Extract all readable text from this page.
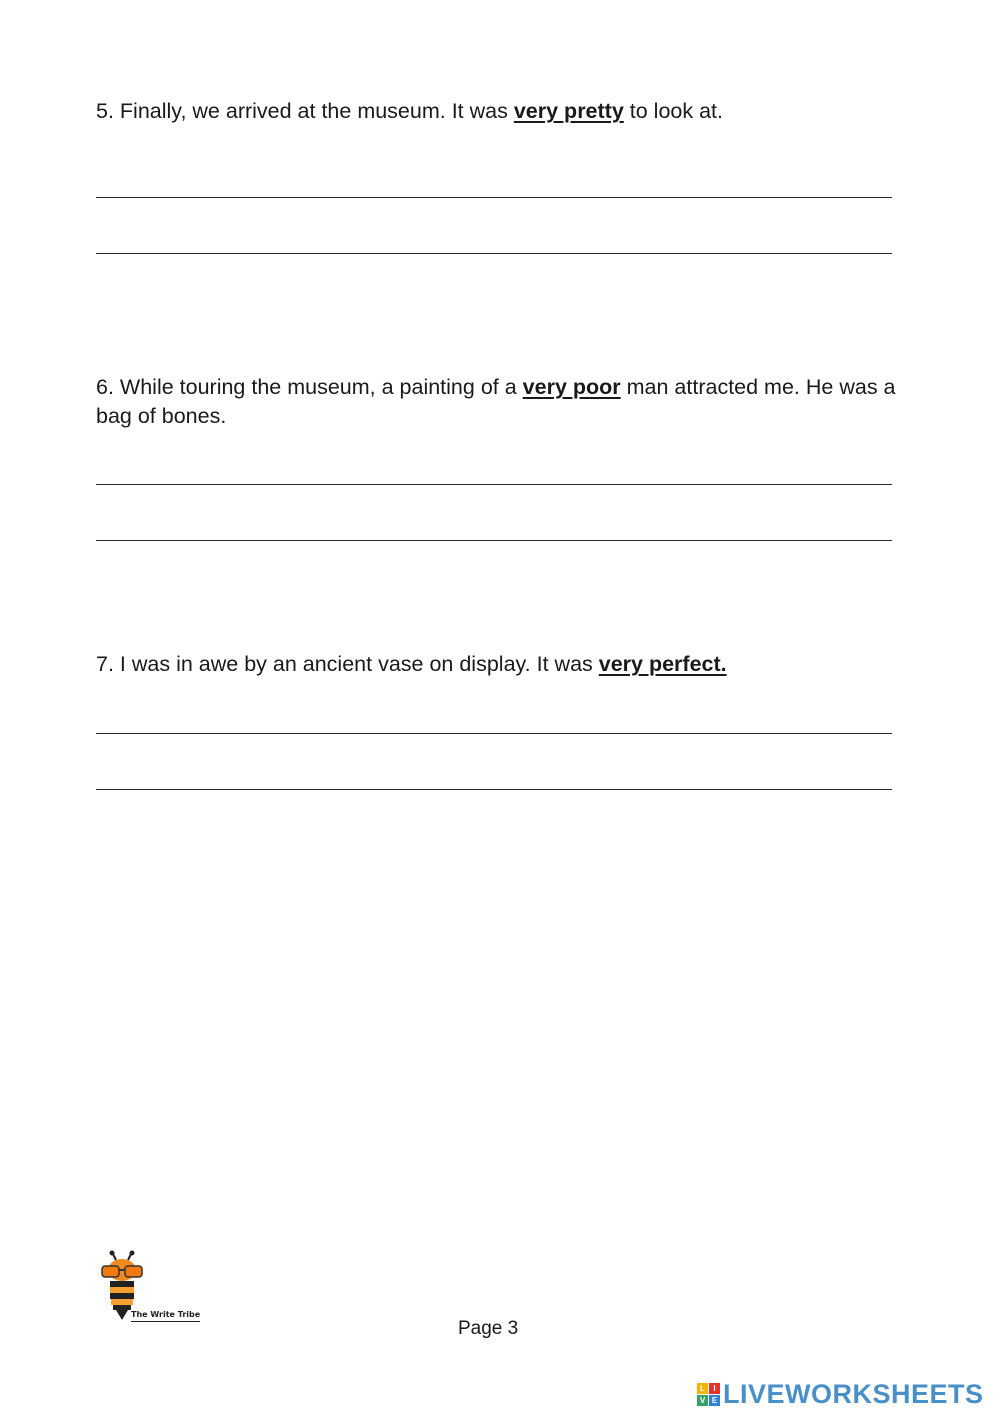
5. Finally, we arrived at the museum. It was very pretty to look at.
6. While touring the museum, a painting of a very poor man attracted me. He was a bag of bones.
7. I was in awe by an ancient vase on display. It was very perfect.
The Write Tribe
Page 3
L	I
V E LIVEWORKSHEETS
